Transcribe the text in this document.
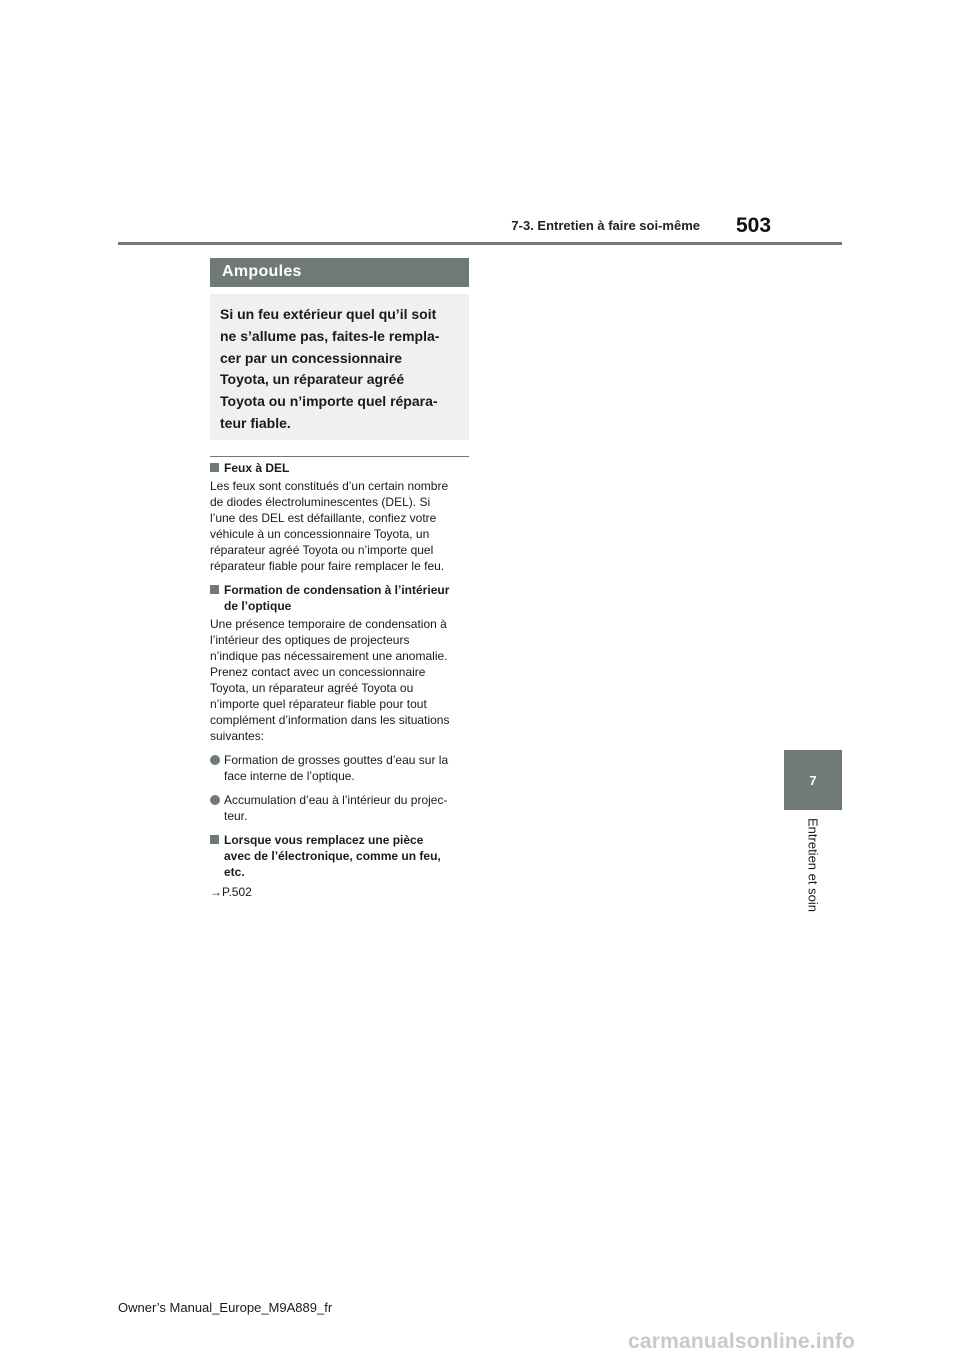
7-3. Entretien à faire soi-même 503
Ampoules
Si un feu extérieur quel qu’il soit
ne s’allume pas, faites-le rempla-
cer par un concessionnaire
Toyota, un réparateur agréé
Toyota ou n’importe quel répara-
teur fiable.
Feux à DEL
Les feux sont constitués d’un certain nombre
de diodes électroluminescentes (DEL). Si
l’une des DEL est défaillante, confiez votre
véhicule à un concessionnaire Toyota, un
réparateur agréé Toyota ou n’importe quel
réparateur fiable pour faire remplacer le feu.
Formation de condensation à l’intérieur
de l’optique
Une présence temporaire de condensation à
l’intérieur des optiques de projecteurs
n’indique pas nécessairement une anomalie.
Prenez contact avec un concessionnaire
Toyota, un réparateur agréé Toyota ou
n’importe quel réparateur fiable pour tout
complément d’information dans les situations
suivantes:
Formation de grosses gouttes d’eau sur la
face interne de l’optique.
Accumulation d’eau à l’intérieur du projec-
teur.
Lorsque vous remplacez une pièce
avec de l’électronique, comme un feu,
etc.
→P.502
7
Entretien et soin
Owner’s Manual_Europe_M9A889_fr
carmanualsonline.info
